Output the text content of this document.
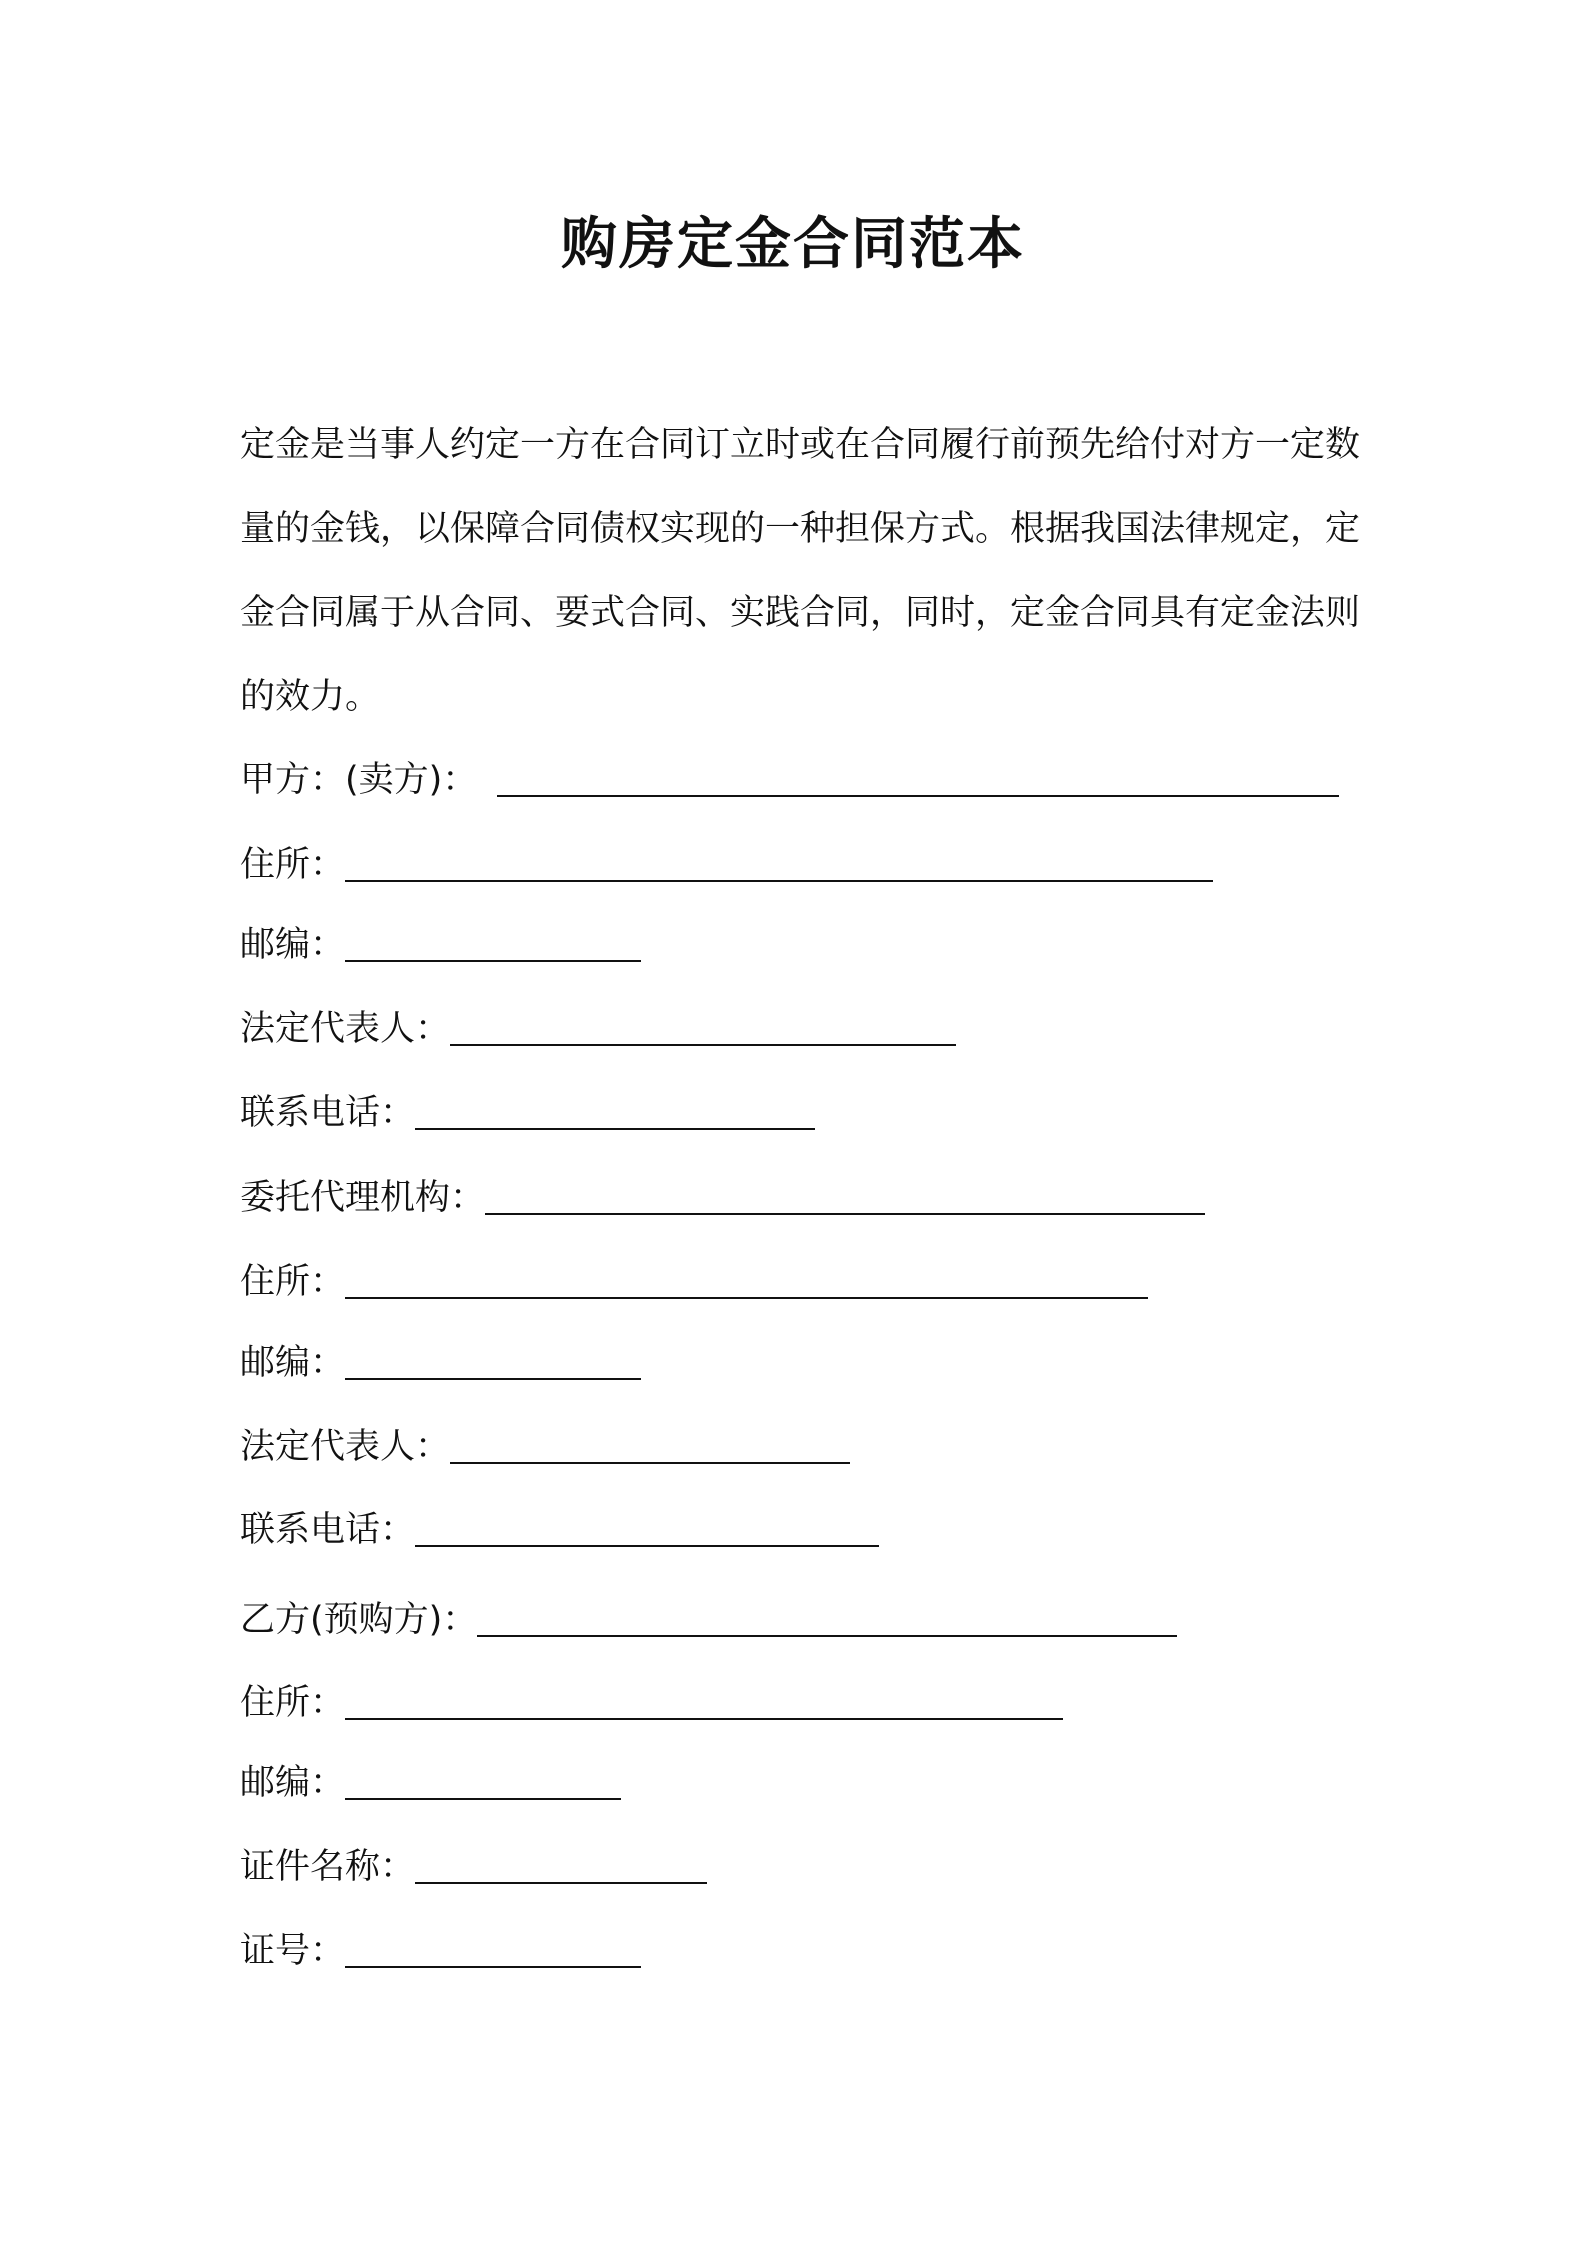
购房定金合同范本
定金是当事人约定一方在合同订立时或在合同履行前预先给付对方一定数量的金钱，以保障合同债权实现的一种担保方式。根据我国法律规定，定金合同属于从合同、要式合同、实践合同，同时，定金合同具有定金法则的效力。
甲方：(卖方)：
住所：
邮编：
法定代表人：
联系电话：
委托代理机构：
住所：
邮编：
法定代表人：
联系电话：
乙方(预购方)：
住所：
邮编：
证件名称：
证号：
